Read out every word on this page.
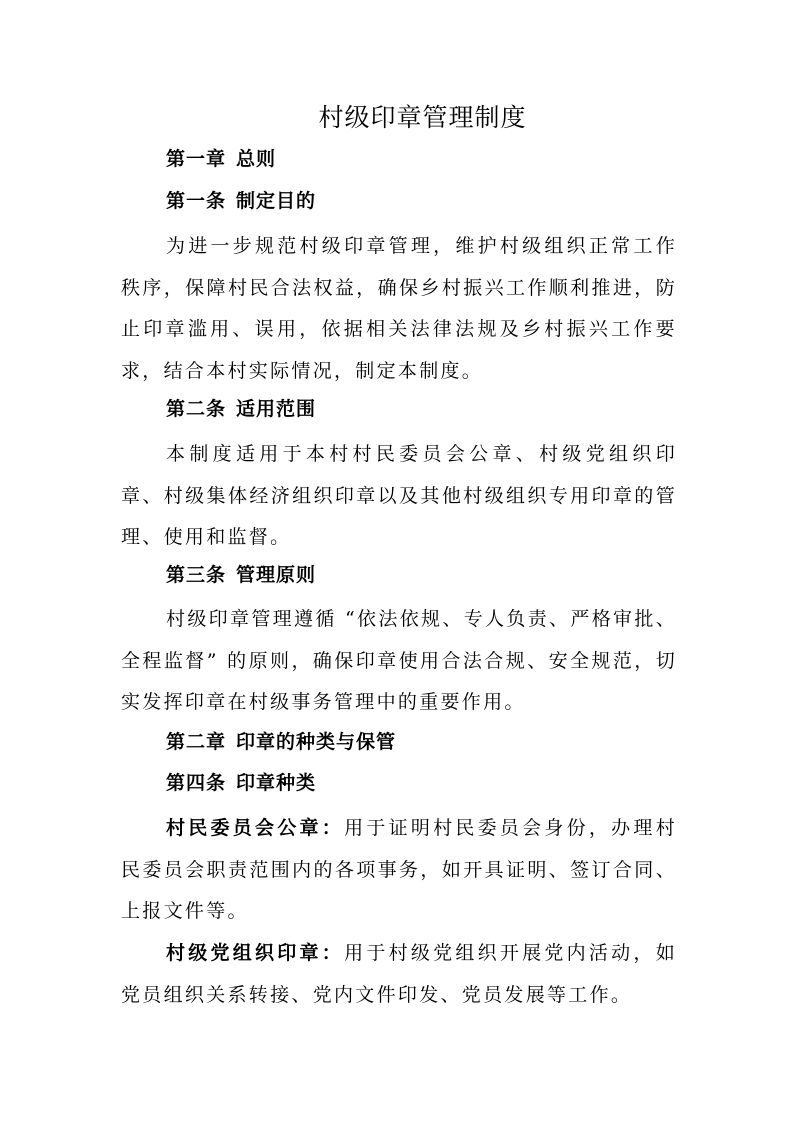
村级印章管理制度
第一章 总则
第一条 制定目的

为进一步规范村级印章管理，维护村级组织正常工作秩序，保障村民合法权益，确保乡村振兴工作顺利推进，防止印章滥用、误用，依据相关法律法规及乡村振兴工作要求，结合本村实际情况，制定本制度。

第二条 适用范围

本制度适用于本村村民委员会公章、村级党组织印章、村级集体经济组织印章以及其他村级组织专用印章的管理、使用和监督。

第三条 管理原则

村级印章管理遵循 “依法依规、专人负责、严格审批、全程监督” 的原则，确保印章使用合法合规、安全规范，切实发挥印章在村级事务管理中的重要作用。

第二章 印章的种类与保管
第四条 印章种类

村民委员会公章：用于证明村民委员会身份，办理村民委员会职责范围内的各项事务，如开具证明、签订合同、上报文件等。

村级党组织印章：用于村级党组织开展党内活动，如党员组织关系转接、党内文件印发、党员发展等工作。
